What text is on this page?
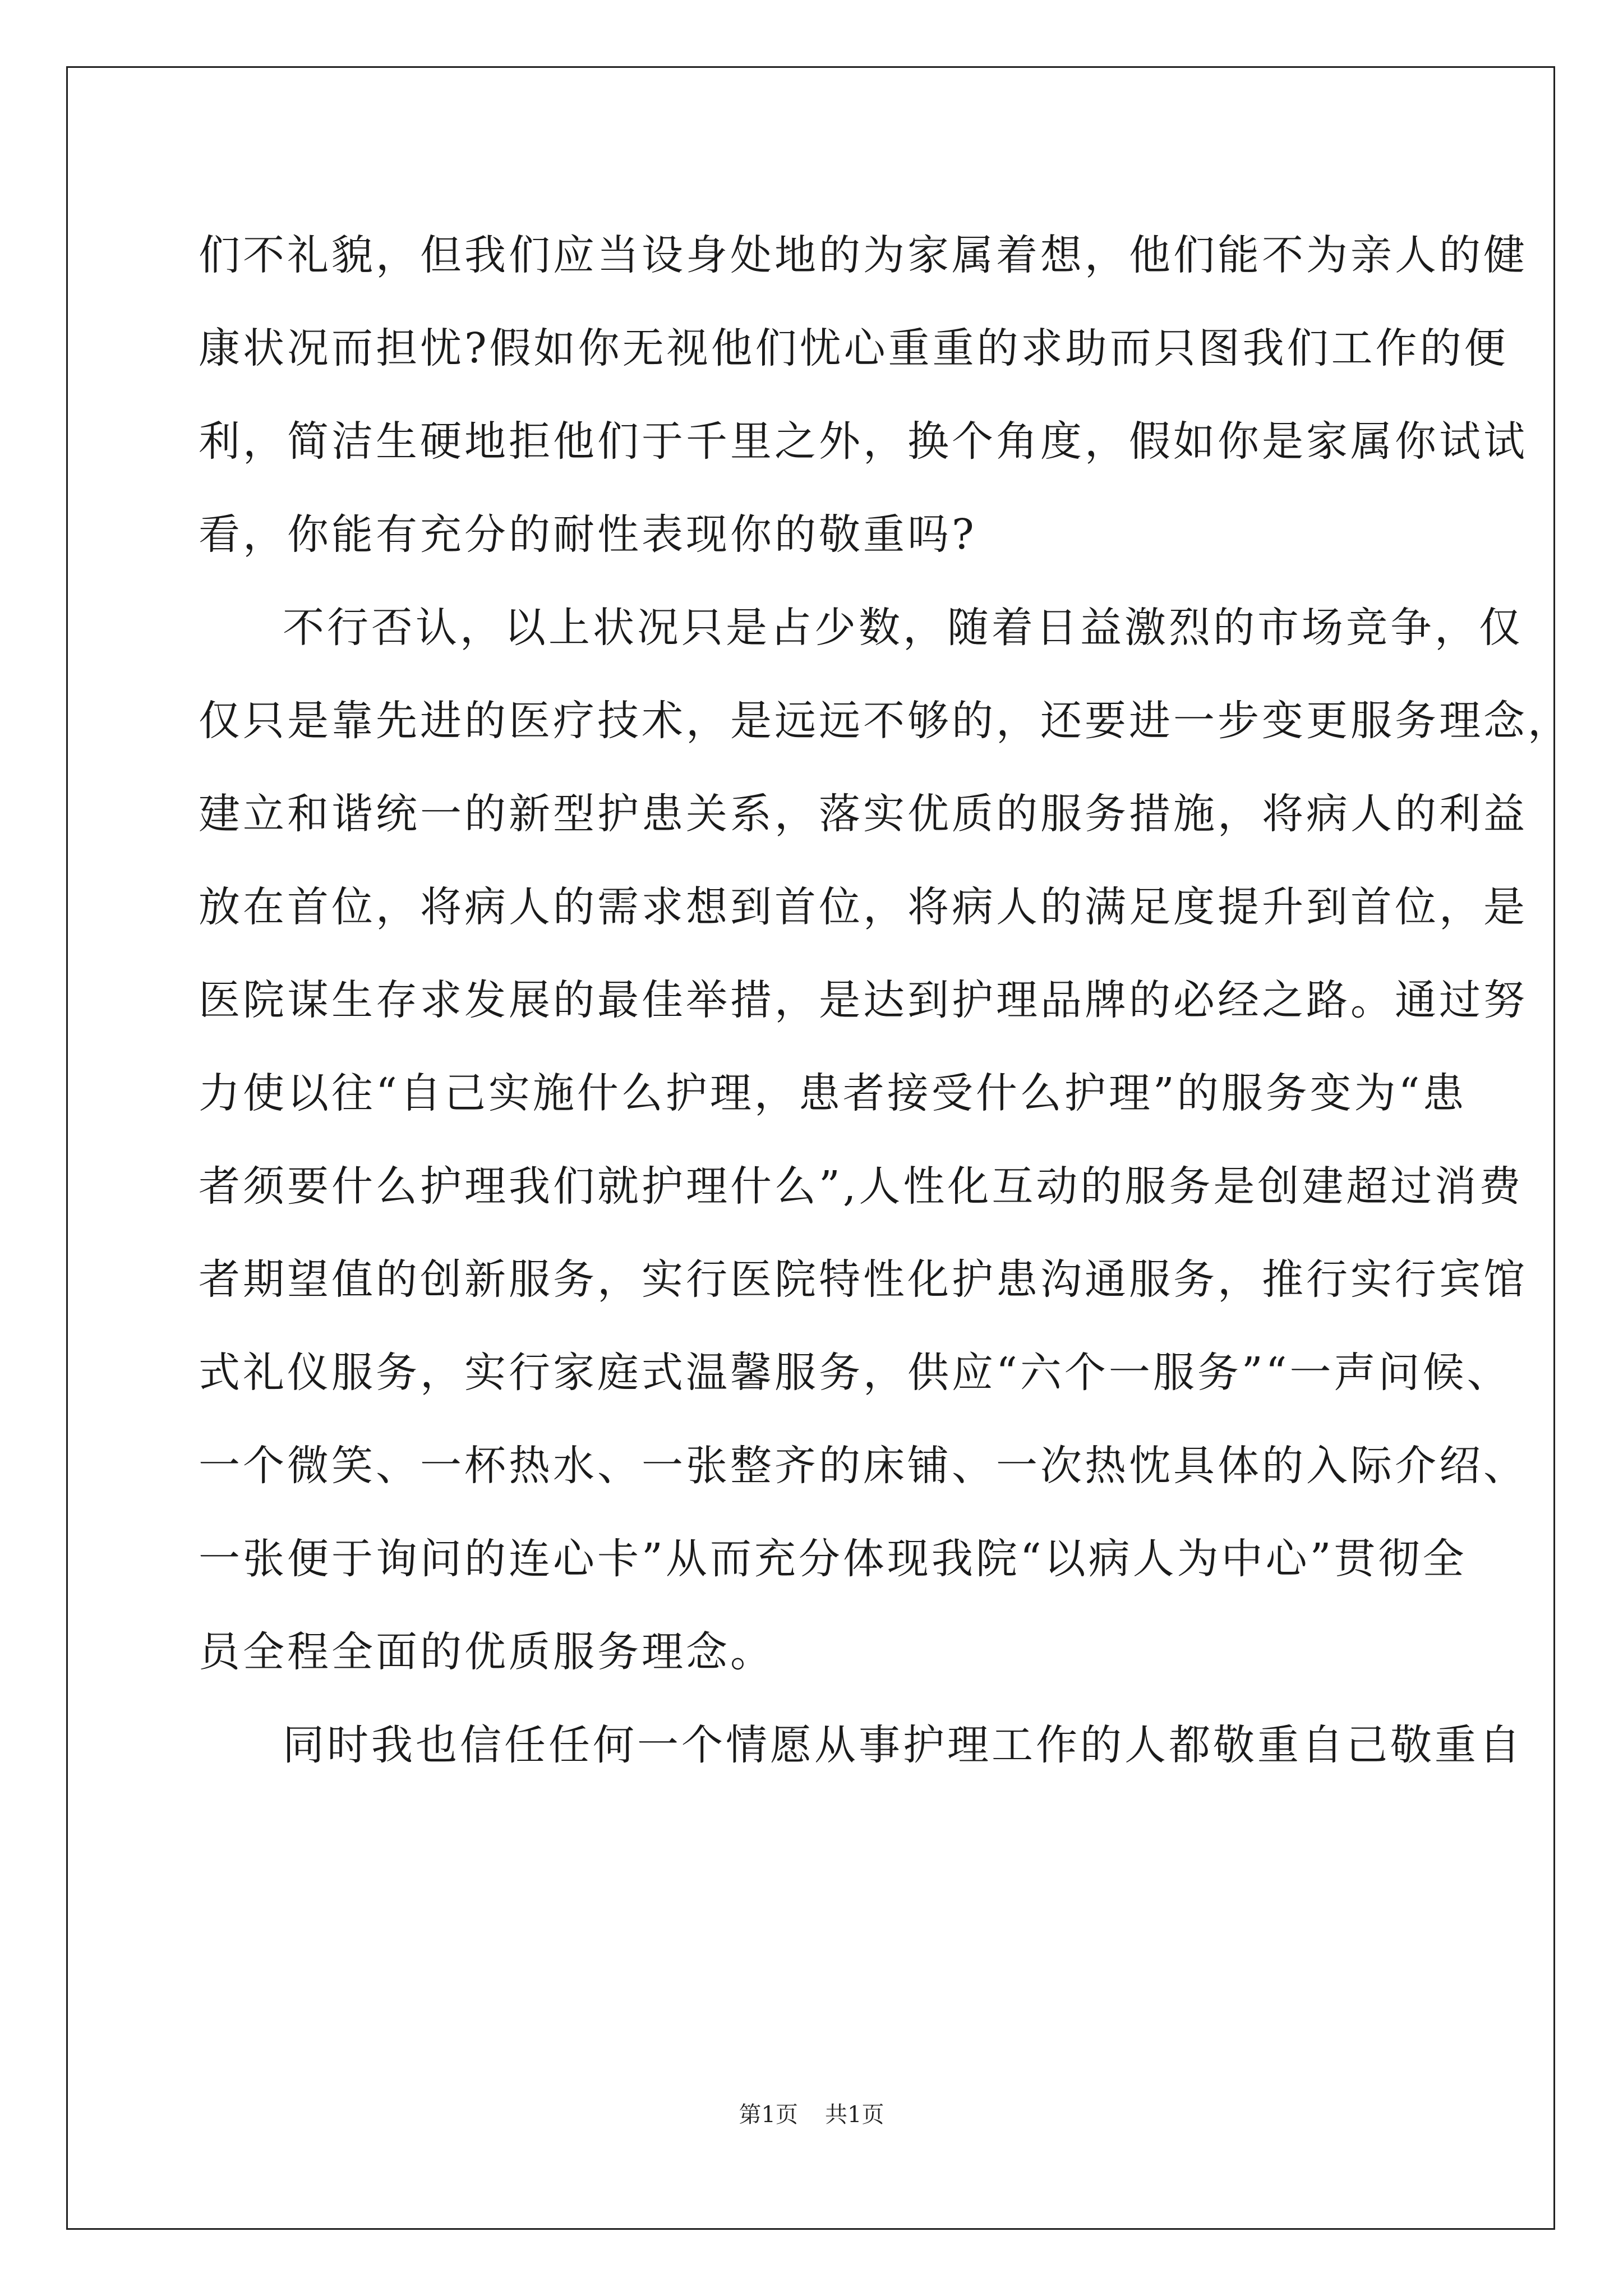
们不礼貌，但我们应当设身处地的为家属着想，他们能不为亲人的健
康状况而担忧?假如你无视他们忧心重重的求助而只图我们工作的便
利，简洁生硬地拒他们于千里之外，换个角度，假如你是家属你试试
看，你能有充分的耐性表现你的敬重吗?
不行否认，以上状况只是占少数，随着日益激烈的市场竞争，仅
仅只是靠先进的医疗技术，是远远不够的，还要进一步变更服务理念，
建立和谐统一的新型护患关系，落实优质的服务措施，将病人的利益
放在首位，将病人的需求想到首位，将病人的满足度提升到首位，是
医院谋生存求发展的最佳举措，是达到护理品牌的必经之路。通过努
力使以往“自己实施什么护理，患者接受什么护理”的服务变为“患
者须要什么护理我们就护理什么”,人性化互动的服务是创建超过消费
者期望值的创新服务，实行医院特性化护患沟通服务，推行实行宾馆
式礼仪服务，实行家庭式温馨服务，供应“六个一服务”“一声问候、
一个微笑、一杯热水、一张整齐的床铺、一次热忱具体的入际介绍、
一张便于询问的连心卡”从而充分体现我院“以病人为中心”贯彻全
员全程全面的优质服务理念。
同时我也信任任何一个情愿从事护理工作的人都敬重自己敬重自
第1页 共1页
